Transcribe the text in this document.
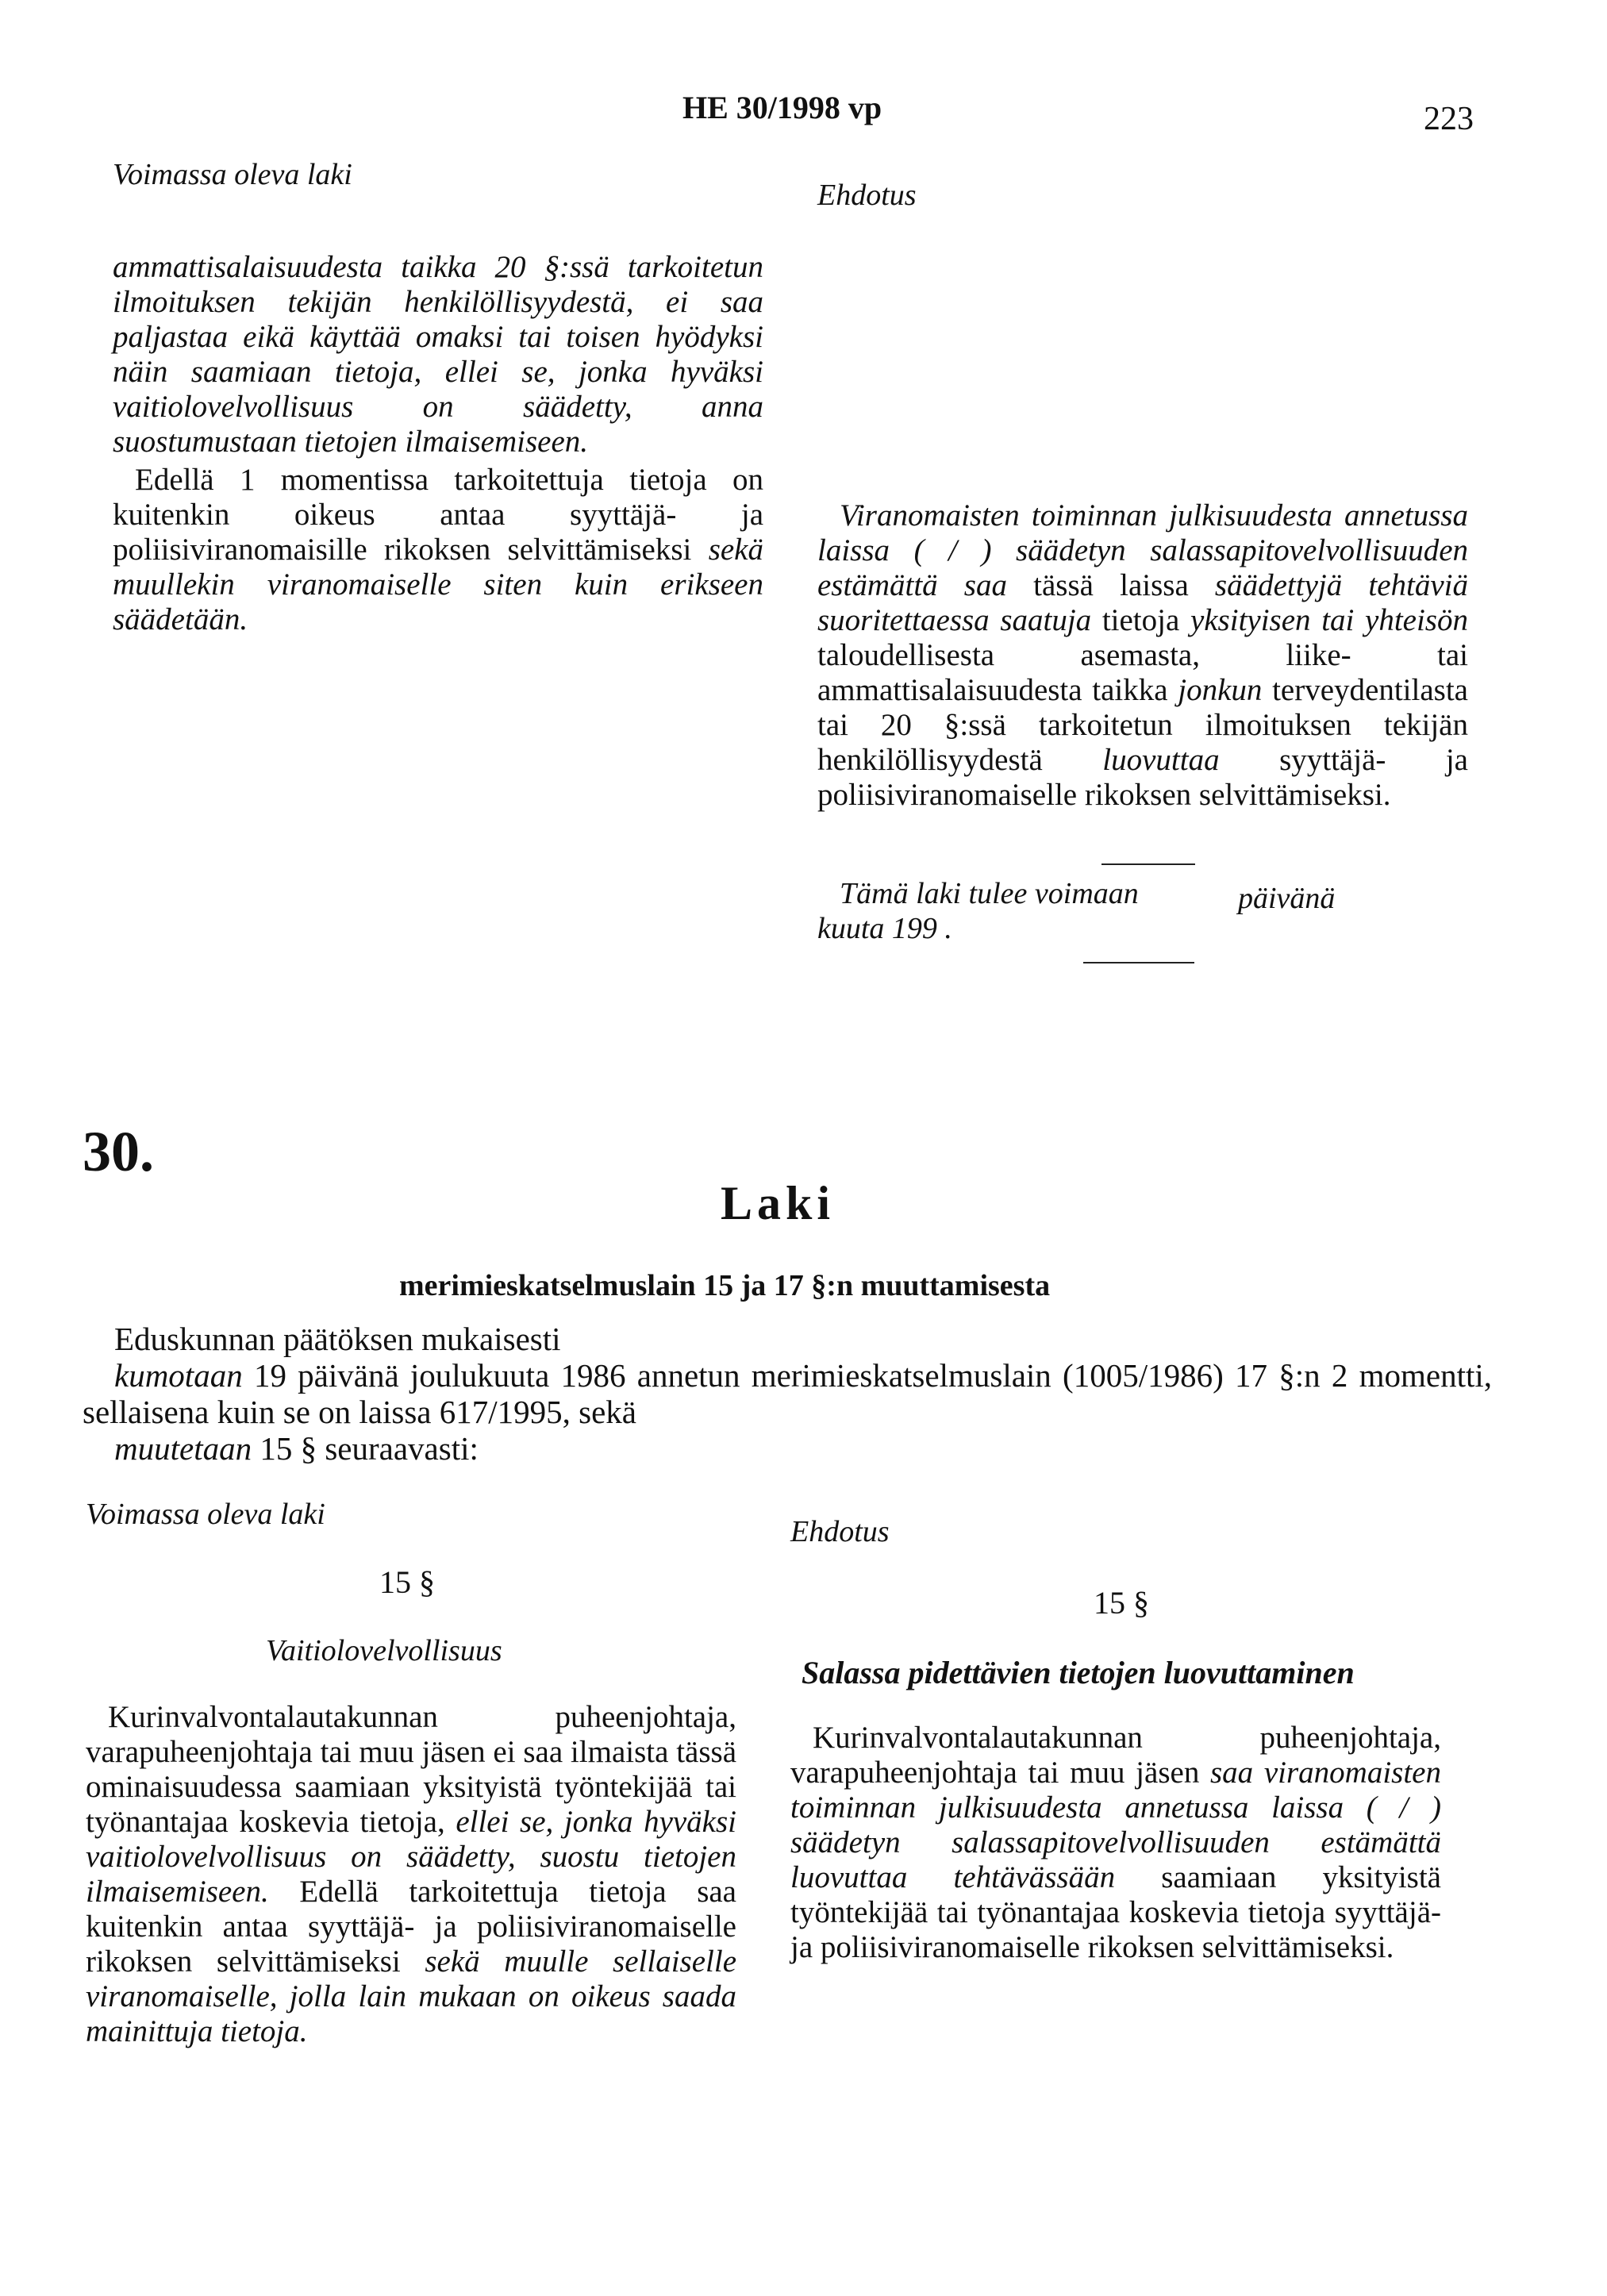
HE 30/1998 vp	223
Voimassa oleva laki
Ehdotus

ammattisalaisuudesta taikka 20 §:ssä tarkoitetun ilmoituksen tekijän henkilöllisyydestä, ei saa paljastaa eikä käyttää omaksi tai toisen hyödyksi näin saamiaan tietoja, ellei se, jonka hyväksi vaitiolovelvollisuus on säädetty, anna suostumustaan tietojen ilmaisemiseen.

Edellä 1 momentissa tarkoitettuja tietoja on kuitenkin oikeus antaa syyttäjä- ja poliisiviranomaisille rikoksen selvittämiseksi sekä muullekin viranomaiselle siten kuin erikseen säädetään.

Viranomaisten toiminnan julkisuudesta annetussa laissa ( / ) säädetyn salassapitovelvollisuuden estämättä saa tässä laissa säädettyjä tehtäviä suoritettaessa saatuja tietoja yksityisen tai yhteisön taloudellisesta asemasta, liike- tai ammattisalaisuudesta taikka jonkun terveydentilasta tai 20 §:ssä tarkoitetun ilmoituksen tekijän henkilöllisyydestä luovuttaa syyttäjä- ja poliisiviranomaiselle rikoksen selvittämiseksi.

Tämä laki tulee voimaan	päivänä
kuuta 199 .
30.
Laki
merimieskatselmuslain 15 ja 17 §:n muuttamisesta

Eduskunnan päätöksen mukaisesti

kumotaan 19 päivänä joulukuuta 1986 annetun merimieskatselmuslain (1005/1986) 17 §:n 2 momentti, sellaisena kuin se on laissa 617/1995, sekä

muutetaan 15 § seuraavasti:

Voimassa oleva laki
Ehdotus
15 §
15 §
Vaitiolovelvollisuus
Salassa pidettävien tietojen luovuttaminen

Kurinvalvontalautakunnan puheenjohtaja, varapuheenjohtaja tai muu jäsen ei saa ilmaista tässä ominaisuudessa saamiaan yksityistä työntekijää tai työnantajaa koskevia tietoja, ellei se, jonka hyväksi vaitiolovelvollisuus on säädetty, suostu tietojen ilmaisemiseen. Edellä tarkoitettuja tietoja saa kuitenkin antaa syyttäjä- ja poliisiviranomaiselle rikoksen selvittämiseksi sekä muulle sellaiselle viranomaiselle, jolla lain mukaan on oikeus saada mainittuja tietoja.

Kurinvalvontalautakunnan puheenjohtaja, varapuheenjohtaja tai muu jäsen saa viranomaisten toiminnan julkisuudesta annetussa laissa ( / ) säädetyn salassapitovelvollisuuden estämättä luovuttaa tehtävässään saamiaan yksityistä työntekijää tai työnantajaa koskevia tietoja syyttäjä- ja poliisiviranomaiselle rikoksen selvittämiseksi.
